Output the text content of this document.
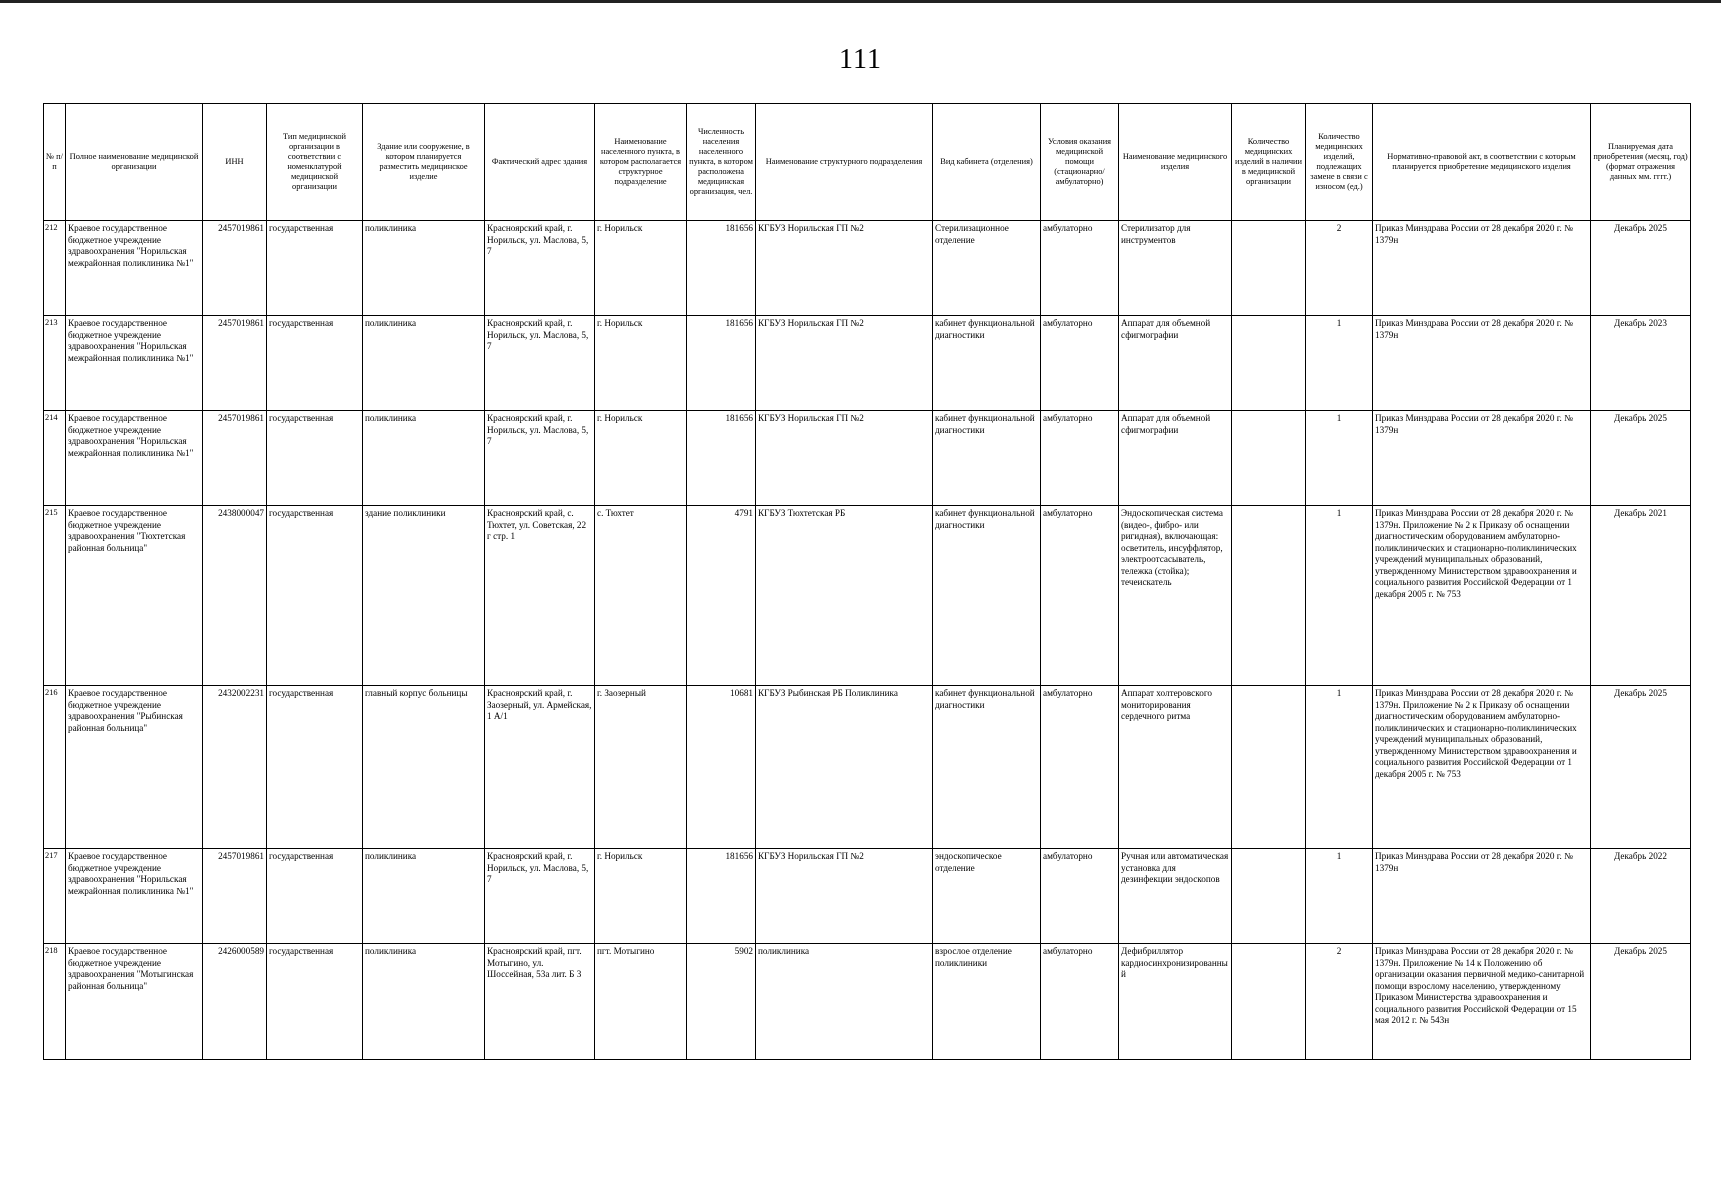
111
№ п/п	Полное наименование медицинской организации	ИНН	Тип медицинской организации в соответствии с номенклатурой медицинской организации	Здание или сооружение, в котором планируется разместить медицинское изделие	Фактический адрес здания	Наименование населенного пункта, в котором располагается структурное подразделение	Численность населения населенного пункта, в котором расположена медицинская организация, чел.	Наименование структурного подразделения	Вид кабинета (отделения)	Условия оказания медицинской помощи (стационарно/ амбулаторно)	Наименование медицинского изделия	Количество медицинских изделий в наличии в медицинской организации	Количество медицинских изделий, подлежащих замене в связи с износом (ед.)	Нормативно-правовой акт, в соответствии с которым планируется приобретение медицинского изделия	Планируемая дата приобретения (месяц, год) (формат отражения данных мм. гггг.)
212	Краевое государственное бюджетное учреждение здравоохранения "Норильская межрайонная поликлиника №1"	2457019861	государственная	поликлиника	Красноярский край, г. Норильск, ул. Маслова, 5, 7	г. Норильск	181656	КГБУЗ Норильская ГП №2	Стерилизационное отделение	амбулаторно	Стерилизатор для инструментов		2	Приказ Минздрава России от 28 декабря 2020 г. № 1379н	Декабрь 2025
213	Краевое государственное бюджетное учреждение здравоохранения "Норильская межрайонная поликлиника №1"	2457019861	государственная	поликлиника	Красноярский край, г. Норильск, ул. Маслова, 5, 7	г. Норильск	181656	КГБУЗ Норильская ГП №2	кабинет функциональной диагностики	амбулаторно	Аппарат для объемной сфигмографии		1	Приказ Минздрава России от 28 декабря 2020 г. № 1379н	Декабрь 2023
214	Краевое государственное бюджетное учреждение здравоохранения "Норильская межрайонная поликлиника №1"	2457019861	государственная	поликлиника	Красноярский край, г. Норильск, ул. Маслова, 5, 7	г. Норильск	181656	КГБУЗ Норильская ГП №2	кабинет функциональной диагностики	амбулаторно	Аппарат для объемной сфигмографии		1	Приказ Минздрава России от 28 декабря 2020 г. № 1379н	Декабрь 2025
215	Краевое государственное бюджетное учреждение здравоохранения "Тюхтетская районная больница"	2438000047	государственная	здание поликлиники	Красноярский край, с. Тюхтет, ул. Советская, 22 г стр. 1	с. Тюхтет	4791	КГБУЗ Тюхтетская РБ	кабинет функциональной диагностики	амбулаторно	Эндоскопическая система (видео-, фибро- или ригидная), включающая: осветитель, инсуффлятор, электроотсасыватель, тележка (стойка); течеискатель		1	Приказ Минздрава России от 28 декабря 2020 г. № 1379н. Приложение № 2 к Приказу об оснащении диагностическим оборудованием амбулаторно-поликлинических и стационарно-поликлинических учреждений муниципальных образований, утвержденному Министерством здравоохранения и социального развития Российской Федерации от 1 декабря 2005 г. № 753	Декабрь 2021
216	Краевое государственное бюджетное учреждение здравоохранения "Рыбинская районная больница"	2432002231	государственная	главный корпус больницы	Красноярский край, г. Заозерный, ул. Армейская, 1 А/1	г. Заозерный	10681	КГБУЗ Рыбинская РБ Поликлиника	кабинет функциональной диагностики	амбулаторно	Аппарат холтеровского мониторирования сердечного ритма		1	Приказ Минздрава России от 28 декабря 2020 г. № 1379н. Приложение № 2 к Приказу об оснащении диагностическим оборудованием амбулаторно-поликлинических и стационарно-поликлинических учреждений муниципальных образований, утвержденному Министерством здравоохранения и социального развития Российской Федерации от 1 декабря 2005 г. № 753	Декабрь 2025
217	Краевое государственное бюджетное учреждение здравоохранения "Норильская межрайонная поликлиника №1"	2457019861	государственная	поликлиника	Красноярский край, г. Норильск, ул. Маслова, 5, 7	г. Норильск	181656	КГБУЗ Норильская ГП №2	эндоскопическое отделение	амбулаторно	Ручная или автоматическая установка для дезинфекции эндоскопов		1	Приказ Минздрава России от 28 декабря 2020 г. № 1379н	Декабрь 2022
218	Краевое государственное бюджетное учреждение здравоохранения "Мотыгинская районная больница"	2426000589	государственная	поликлиника	Красноярский край, пгт. Мотыгино, ул. Шоссейная, 53а лит. Б 3	пгт. Мотыгино	5902	поликлиника	взрослое отделение поликлиники	амбулаторно	Дефибриллятор кардиосинхронизированный		2	Приказ Минздрава России от 28 декабря 2020 г. № 1379н. Приложение № 14 к Положению об организации оказания первичной медико-санитарной помощи взрослому населению, утвержденному Приказом Министерства здравоохранения и социального развития Российской Федерации от 15 мая 2012 г. № 543н	Декабрь 2025
